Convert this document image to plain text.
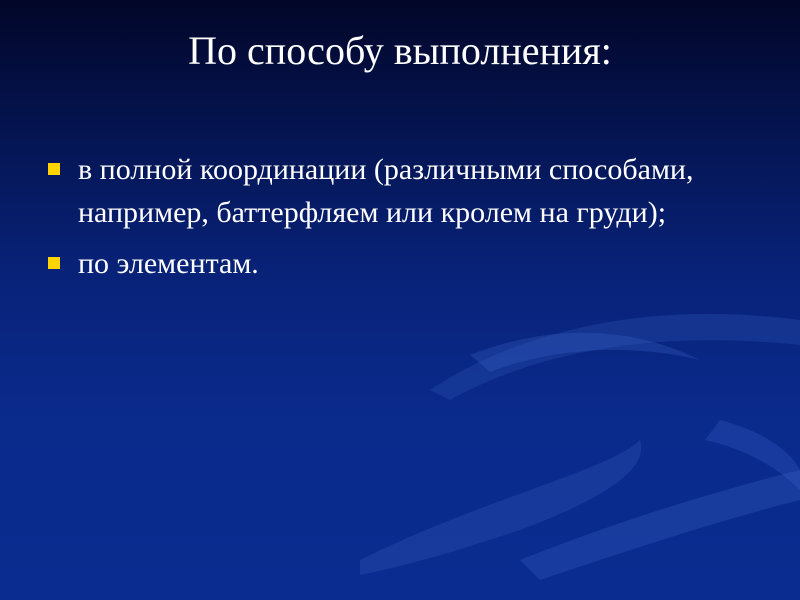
По способу выполнения:
в полной координации (различными способами, например, баттерфляем или кролем на груди);
по элементам.
